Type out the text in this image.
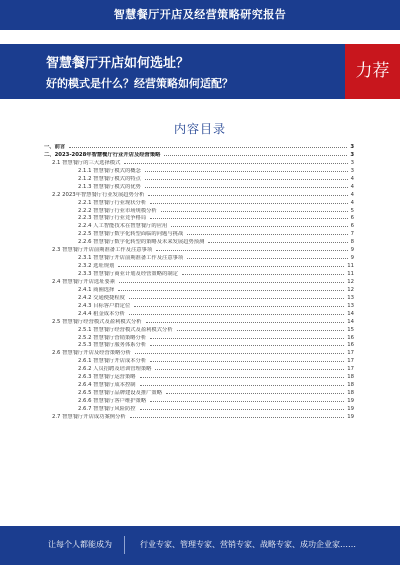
智慧餐厅开店及经营策略研究报告
智慧餐厅开店如何选址？
好的模式是什么？经营策略如何适配？
力荐
内容目录
一、前言	3
二、2023-2028年智慧餐厅行业开店及经营策略	3
2.1 智慧餐厅的三大选择模式	3
2.1.1 智慧餐厅模式的概念	3
2.1.2 智慧餐厅模式的特点	4
2.1.3 智慧餐厅模式的优势	4
2.2 2023年智慧餐厅行业发展趋势分析	4
2.2.1 智慧餐厅行业现状分析	4
2.2.2 智慧餐厅行业市场规模分析	5
2.2.3 智慧餐厅行业竞争格局	6
2.2.4 人工智能技术在智慧餐厅的应用	6
2.2.5 智慧餐厅数字化转型面临的问题与挑战	7
2.2.6 智慧餐厅数字化转型的策略及未来发展趋势预测	8
2.3 智慧餐厅开店前期准备工作及注意事项	9
2.3.1 智慧餐厅开店前期准备工作及注意事项	9
2.3.2 选址规划	11
2.3.3 智慧餐厅商业计划及经营策略的制定	11
2.4 智慧餐厅开店选址要素	12
2.4.1 商圈选择	12
2.4.2 交通便捷程度	13
2.4.3 目标客户群定位	13
2.4.4 租金成本分析	14
2.5 智慧餐厅经营模式及盈利模式分析	14
2.5.1 智慧餐厅经营模式及盈利模式分析	15
2.5.2 智慧餐厅营销策略分析	16
2.5.3 智慧餐厅服务体系分析	16
2.6 智慧餐厅开店及经营策略分析	17
2.6.1 智慧餐厅开店成本分析	17
2.6.2 人员招聘及培训管理策略	17
2.6.3 智慧餐厅运营策略	18
2.6.4 智慧餐厅成本控制	18
2.6.5 智慧餐厅品牌建设及推广策略	18
2.6.6 智慧餐厅客户维护策略	19
2.6.7 智慧餐厅风险防控	19
2.7 智慧餐厅开店成功案例分析	19
让每个人都能成为	行业专家、管理专家、营销专家、战略专家、成功企业家……
